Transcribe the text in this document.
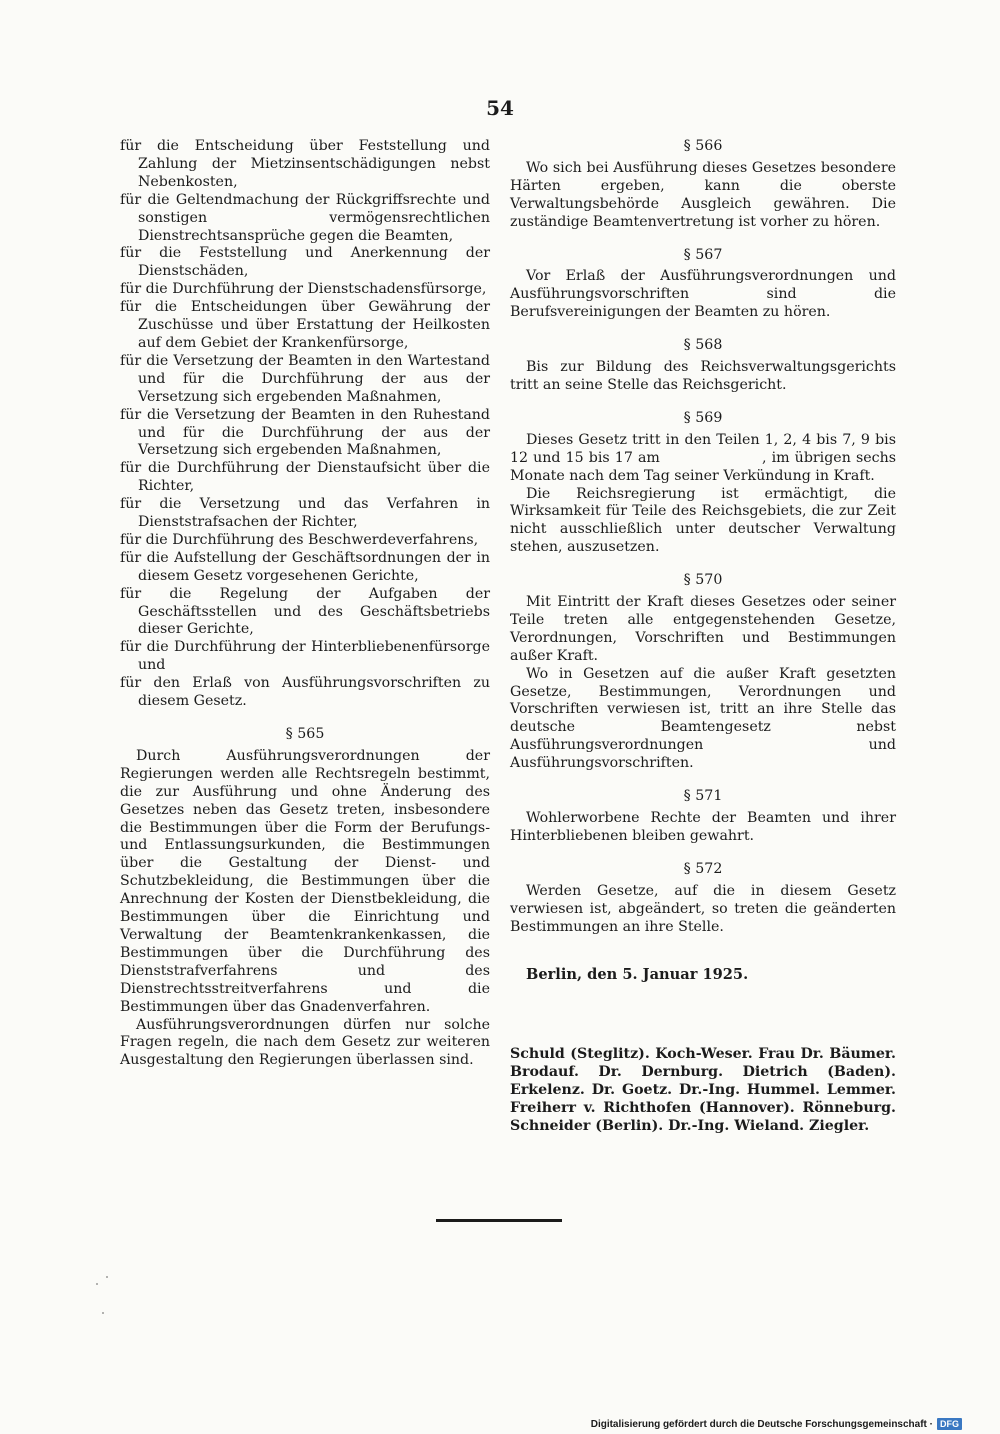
54
für die Entscheidung über Feststellung und Zahlung der Mietzinsentschädigungen nebst Nebenkosten,
für die Geltendmachung der Rückgriffsrechte und sonstigen vermögensrechtlichen Dienstrechtsansprüche gegen die Beamten,
für die Feststellung und Anerkennung der Dienstschäden,
für die Durchführung der Dienstschadensfürsorge,
für die Entscheidungen über Gewährung der Zuschüsse und über Erstattung der Heilkosten auf dem Gebiet der Krankenfürsorge,
für die Versetzung der Beamten in den Wartestand und für die Durchführung der aus der Versetzung sich ergebenden Maßnahmen,
für die Versetzung der Beamten in den Ruhestand und für die Durchführung der aus der Versetzung sich ergebenden Maßnahmen,
für die Durchführung der Dienstaufsicht über die Richter,
für die Versetzung und das Verfahren in Dienststrafsachen der Richter,
für die Durchführung des Beschwerdeverfahrens,
für die Aufstellung der Geschäftsordnungen der in diesem Gesetz vorgesehenen Gerichte,
für die Regelung der Aufgaben der Geschäftsstellen und des Geschäftsbetriebs dieser Gerichte,
für die Durchführung der Hinterbliebenenfürsorge und
für den Erlaß von Ausführungsvorschriften zu diesem Gesetz.
§ 565

Durch Ausführungsverordnungen der Regierungen werden alle Rechtsregeln bestimmt, die zur Ausführung und ohne Änderung des Gesetzes neben das Gesetz treten, insbesondere die Bestimmungen über die Form der Berufungs- und Entlassungsurkunden, die Bestimmungen über die Gestaltung der Dienst- und Schutzbekleidung, die Bestimmungen über die Anrechnung der Kosten der Dienstbekleidung, die Bestimmungen über die Einrichtung und Verwaltung der Beamtenkrankenkassen, die Bestimmungen über die Durchführung des Dienststrafverfahrens und des Dienstrechtsstreitverfahrens und die Bestimmungen über das Gnadenverfahren.

Ausführungsverordnungen dürfen nur solche Fragen regeln, die nach dem Gesetz zur weiteren Ausgestaltung den Regierungen überlassen sind.

§ 566

Wo sich bei Ausführung dieses Gesetzes besondere Härten ergeben, kann die oberste Verwaltungsbehörde Ausgleich gewähren. Die zuständige Beamtenvertretung ist vorher zu hören.

§ 567

Vor Erlaß der Ausführungsverordnungen und Ausführungsvorschriften sind die Berufsvereinigungen der Beamten zu hören.

§ 568

Bis zur Bildung des Reichsverwaltungsgerichts tritt an seine Stelle das Reichsgericht.

§ 569

Dieses Gesetz tritt in den Teilen 1, 2, 4 bis 7, 9 bis 12 und 15 bis 17 am                    , im übrigen sechs Monate nach dem Tag seiner Verkündung in Kraft.

Die Reichsregierung ist ermächtigt, die Wirksamkeit für Teile des Reichsgebiets, die zur Zeit nicht ausschließlich unter deutscher Verwaltung stehen, auszusetzen.

§ 570

Mit Eintritt der Kraft dieses Gesetzes oder seiner Teile treten alle entgegenstehenden Gesetze, Verordnungen, Vorschriften und Bestimmungen außer Kraft.

Wo in Gesetzen auf die außer Kraft gesetzten Gesetze, Bestimmungen, Verordnungen und Vorschriften verwiesen ist, tritt an ihre Stelle das deutsche Beamtengesetz nebst Ausführungsverordnungen und Ausführungsvorschriften.

§ 571

Wohlerworbene Rechte der Beamten und ihrer Hinterbliebenen bleiben gewahrt.

§ 572

Werden Gesetze, auf die in diesem Gesetz verwiesen ist, abgeändert, so treten die geänderten Bestimmungen an ihre Stelle.

Berlin, den 5. Januar 1925.

Schuld (Steglitz). Koch-Weser. Frau Dr. Bäumer. Brodauf. Dr. Dernburg. Dietrich (Baden). Erkelenz. Dr. Goetz. Dr.-Ing. Hummel. Lemmer. Freiherr v. Richthofen (Hannover). Rönneburg. Schneider (Berlin). Dr.-Ing. Wieland. Ziegler.

Digitalisierung gefördert durch die Deutsche Forschungsgemeinschaft · DFG
